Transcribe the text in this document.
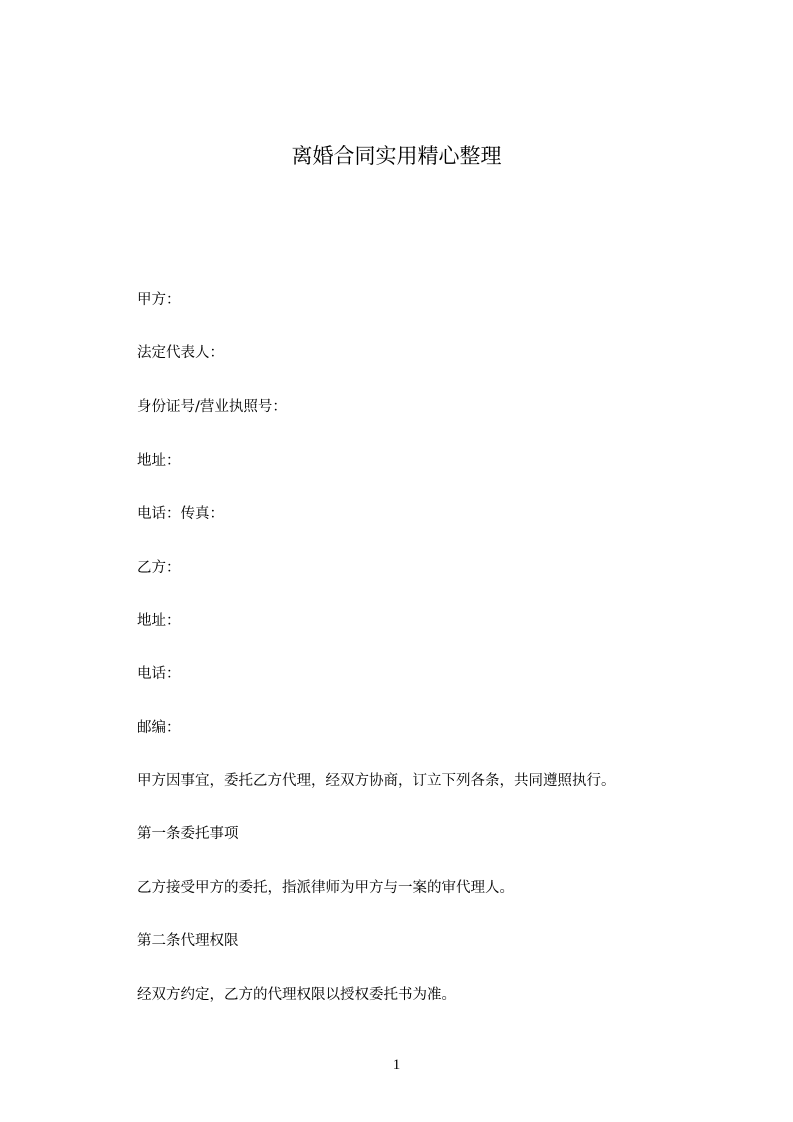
离婚合同实用精心整理
甲方：
法定代表人：
身份证号/营业执照号：
地址：
电话：传真：
乙方：
地址：
电话：
邮编：
甲方因事宜，委托乙方代理，经双方协商，订立下列各条，共同遵照执行。
第一条委托事项
乙方接受甲方的委托，指派律师为甲方与一案的审代理人。
第二条代理权限
经双方约定，乙方的代理权限以授权委托书为准。
1
